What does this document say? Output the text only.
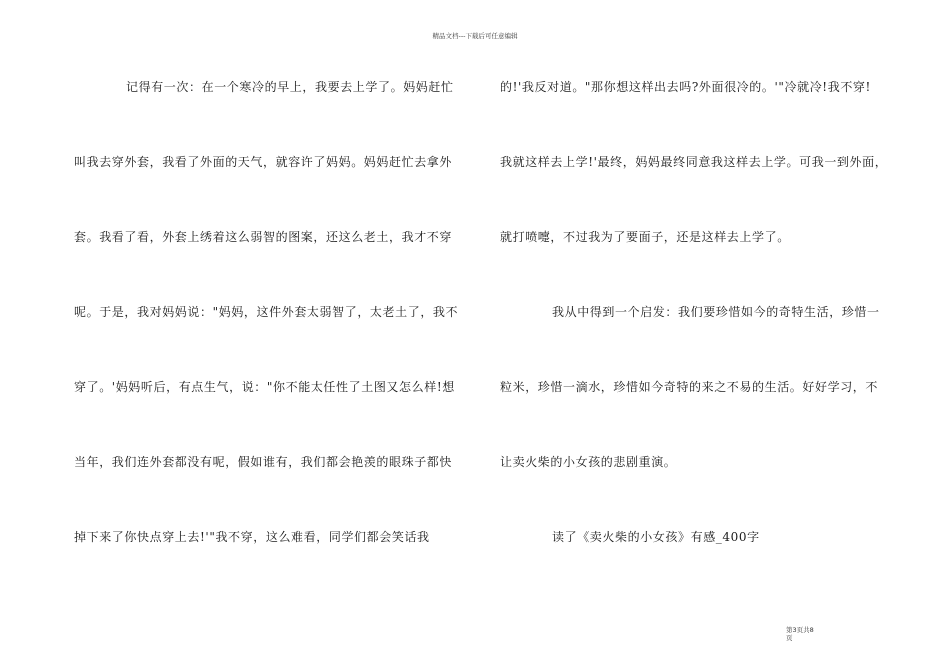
精品文档---下载后可任意编辑
记得有一次：在一个寒冷的早上，我要去上学了。妈妈赶忙
叫我去穿外套，我看了外面的天气，就容许了妈妈。妈妈赶忙去拿外
套。我看了看，外套上绣着这么弱智的图案，还这么老土，我才不穿
呢。于是，我对妈妈说："妈妈，这件外套太弱智了，太老土了，我不
穿了。'妈妈听后，有点生气，说："你不能太任性了土图又怎么样!想
当年，我们连外套都没有呢，假如谁有，我们都会艳羡的眼珠子都快
掉下来了你快点穿上去!'"我不穿，这么难看，同学们都会笑话我
的!'我反对道。"那你想这样出去吗?外面很冷的。'"冷就冷!我不穿!
我就这样去上学!'最终，妈妈最终同意我这样去上学。可我一到外面，
就打喷嚏，不过我为了要面子，还是这样去上学了。
我从中得到一个启发：我们要珍惜如今的奇特生活，珍惜一
粒米，珍惜一滴水，珍惜如今奇特的来之不易的生活。好好学习，不
让卖火柴的小女孩的悲剧重演。
读了《卖火柴的小女孩》有感_400字
第3页共8
页
